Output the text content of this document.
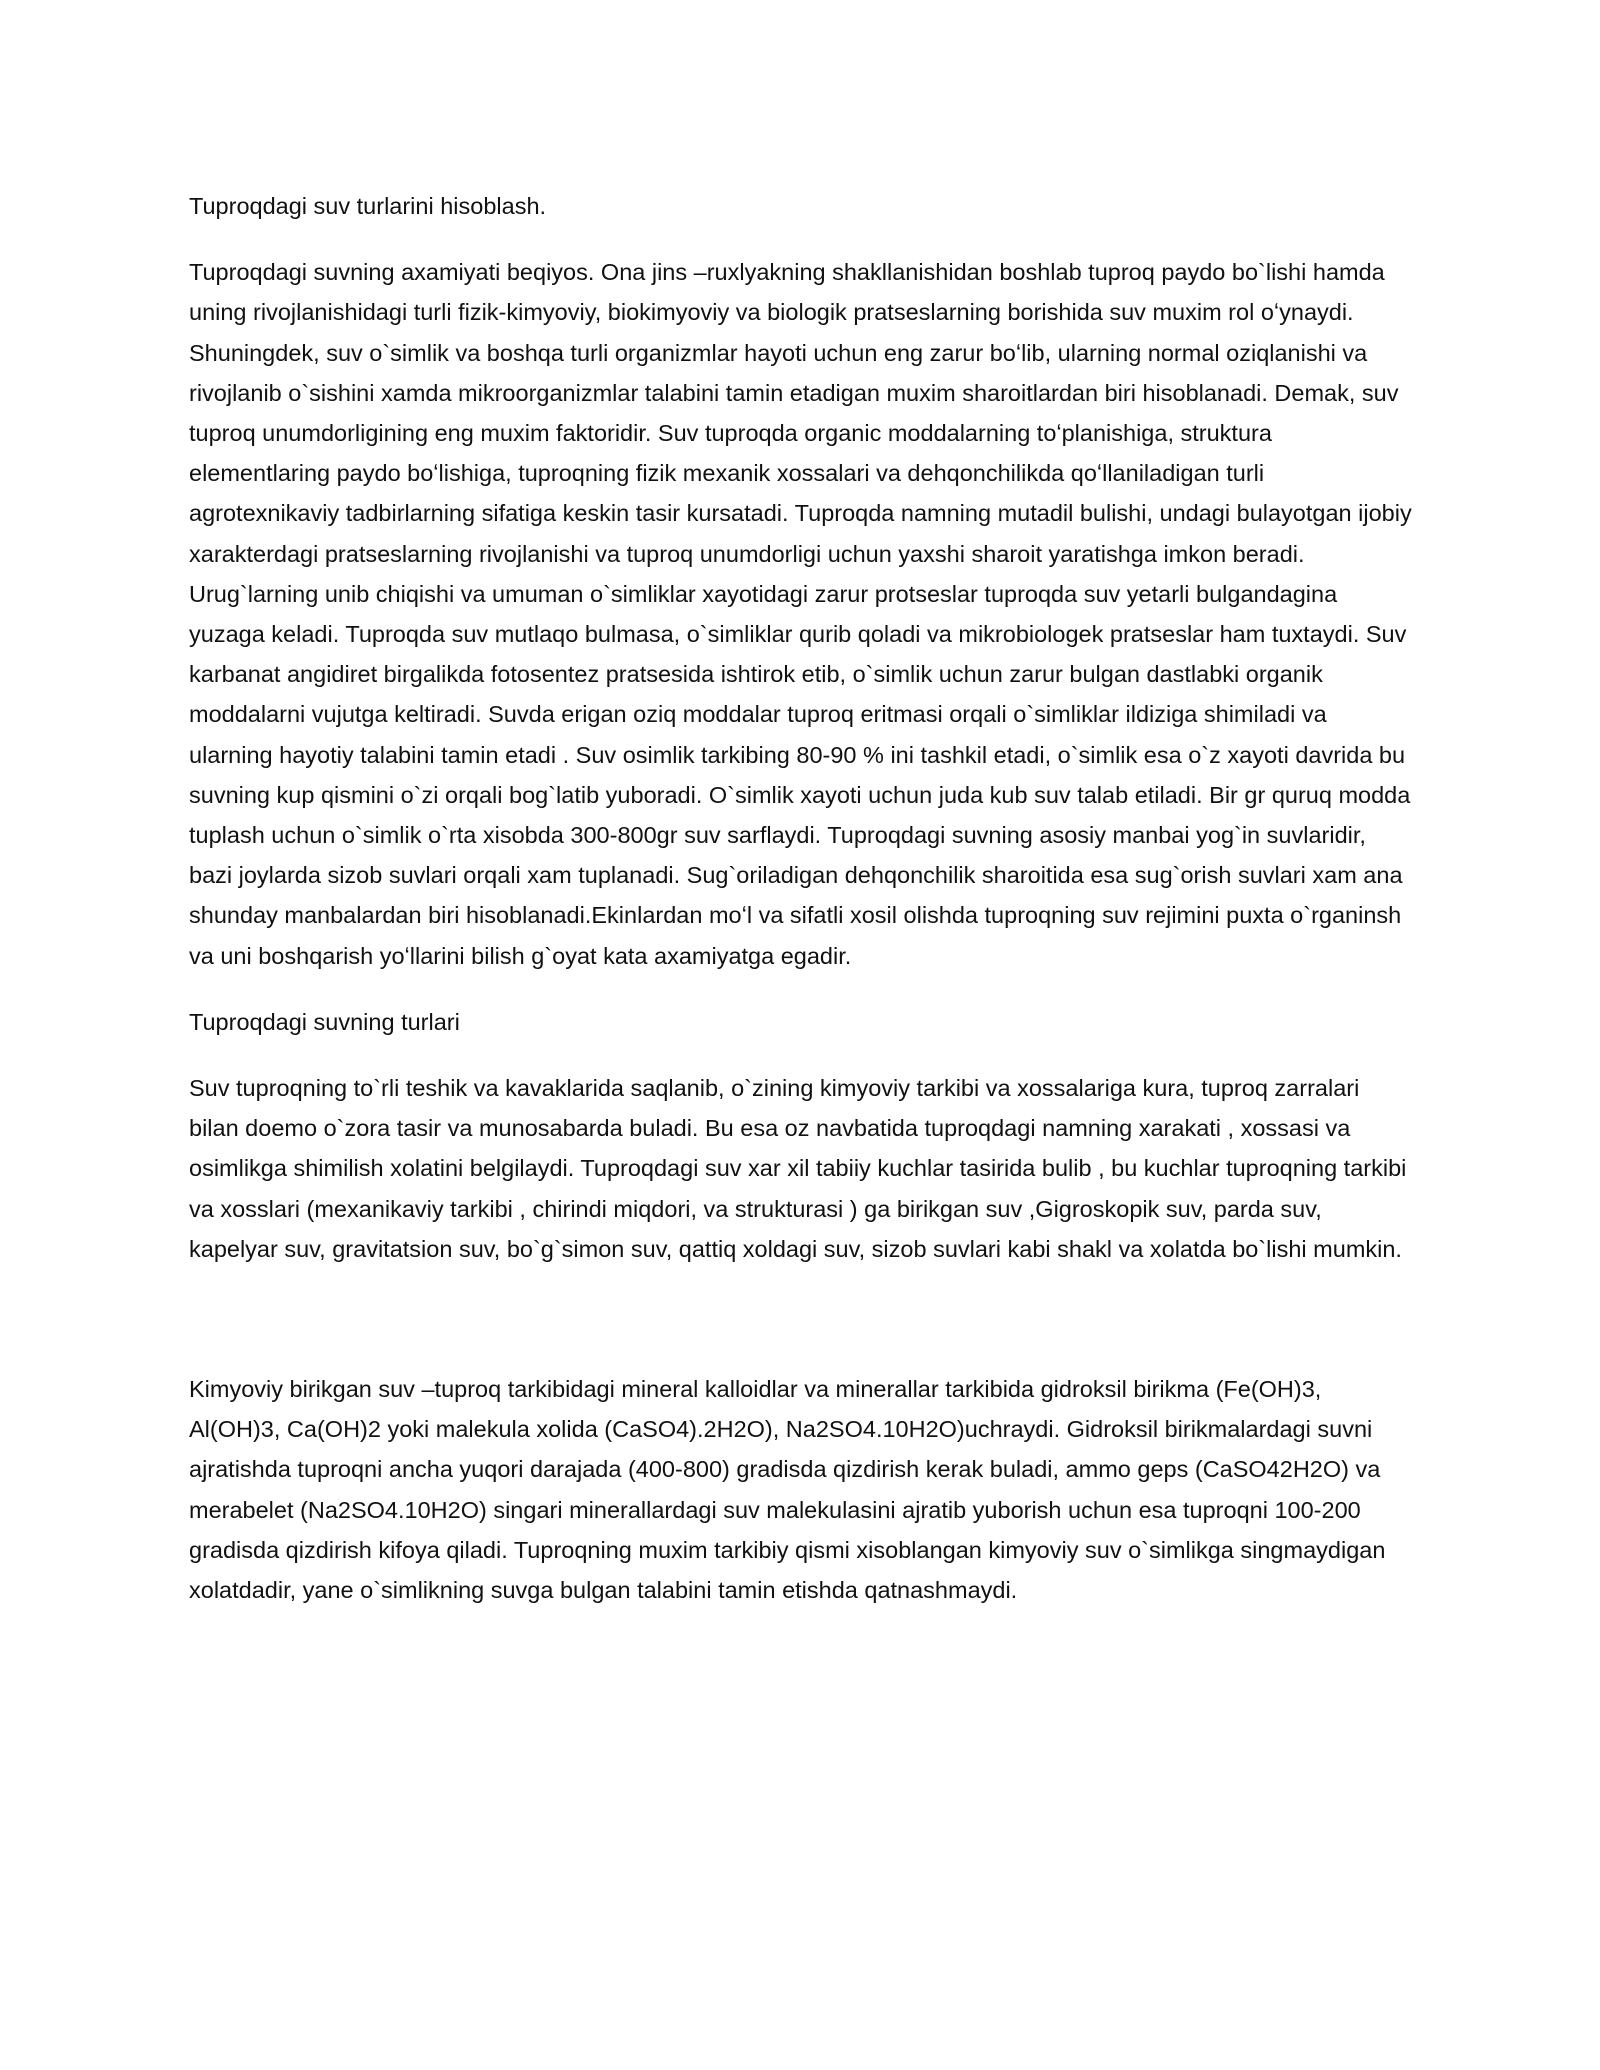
Tuproqdagi suv turlarini hisoblash.

Tuproqdagi suvning axamiyati beqiyos. Ona jins –ruxlyakning shakllanishidan boshlab tuproq paydo bo`lishi hamda uning rivojlanishidagi turli fizik-kimyoviy, biokimyoviy va biologik pratseslarning borishida suv muxim rol oʻynaydi. Shuningdek, suv o`simlik va boshqa turli organizmlar hayoti uchun eng zarur boʻlib, ularning normal oziqlanishi va rivojlanib o`sishini xamda mikroorganizmlar talabini tamin etadigan muxim sharoitlardan biri hisoblanadi. Demak, suv tuproq unumdorligining eng muxim faktoridir. Suv tuproqda organic moddalarning toʻplanishiga, struktura elementlaring paydo boʻlishiga, tuproqning fizik mexanik xossalari va dehqonchilikda qoʻllaniladigan turli agrotexnikaviy tadbirlarning sifatiga keskin tasir kursatadi. Tuproqda namning mutadil bulishi, undagi bulayotgan ijobiy xarakterdagi pratseslarning rivojlanishi va tuproq unumdorligi uchun yaxshi sharoit yaratishga imkon beradi. Urug`larning unib chiqishi va umuman o`simliklar xayotidagi zarur protseslar tuproqda suv yetarli bulgandagina yuzaga keladi. Tuproqda suv mutlaqo bulmasa, o`simliklar qurib qoladi va mikrobiologek pratseslar ham tuxtaydi. Suv karbanat angidiret birgalikda fotosentez pratsesida ishtirok etib, o`simlik uchun zarur bulgan dastlabki organik moddalarni vujutga keltiradi. Suvda erigan oziq moddalar tuproq eritmasi orqali o`simliklar ildiziga shimiladi va ularning hayotiy talabini tamin etadi . Suv osimlik tarkibing 80-90 % ini tashkil etadi, o`simlik esa o`z xayoti davrida bu suvning kup qismini o`zi orqali bog`latib yuboradi. O`simlik xayoti uchun juda kub suv talab etiladi. Bir gr quruq modda tuplash uchun o`simlik o`rta xisobda 300-800gr suv sarflaydi. Tuproqdagi suvning asosiy manbai yog`in suvlaridir, bazi joylarda sizob suvlari orqali xam tuplanadi. Sug`oriladigan dehqonchilik sharoitida esa sug`orish suvlari xam ana shunday manbalardan biri hisoblanadi.Ekinlardan moʻl va sifatli xosil olishda tuproqning suv rejimini puxta o`rganinsh va uni boshqarish yoʻllarini bilish g`oyat kata axamiyatga egadir.

Tuproqdagi suvning turlari

Suv tuproqning to`rli teshik va kavaklarida saqlanib, o`zining kimyoviy tarkibi va xossalariga kura, tuproq zarralari bilan doemo o`zora tasir va munosabarda buladi. Bu esa oz navbatida tuproqdagi namning xarakati , xossasi va osimlikga shimilish xolatini belgilaydi. Tuproqdagi suv xar xil tabiiy kuchlar tasirida bulib , bu kuchlar tuproqning tarkibi va xosslari (mexanikaviy tarkibi , chirindi miqdori, va strukturasi ) ga birikgan suv ,Gigroskopik suv, parda suv, kapelyar suv, gravitatsion suv, bo`g`simon suv, qattiq xoldagi suv, sizob suvlari kabi shakl va xolatda bo`lishi mumkin.

Kimyoviy birikgan suv –tuproq tarkibidagi mineral kalloidlar va minerallar tarkibida gidroksil birikma (Fe(OH)3, Al(OH)3, Ca(OH)2 yoki malekula xolida (CaSO4).2H2O), Na2SO4.10H2O)uchraydi. Gidroksil birikmalardagi suvni ajratishda tuproqni ancha yuqori darajada (400-800) gradisda qizdirish kerak buladi, ammo geps (CaSO42H2O) va merabelet (Na2SO4.10H2O) singari minerallardagi suv malekulasini ajratib yuborish uchun esa tuproqni 100-200 gradisda qizdirish kifoya qiladi. Tuproqning muxim tarkibiy qismi xisoblangan kimyoviy suv o`simlikga singmaydigan xolatdadir, yane o`simlikning suvga bulgan talabini tamin etishda qatnashmaydi.
